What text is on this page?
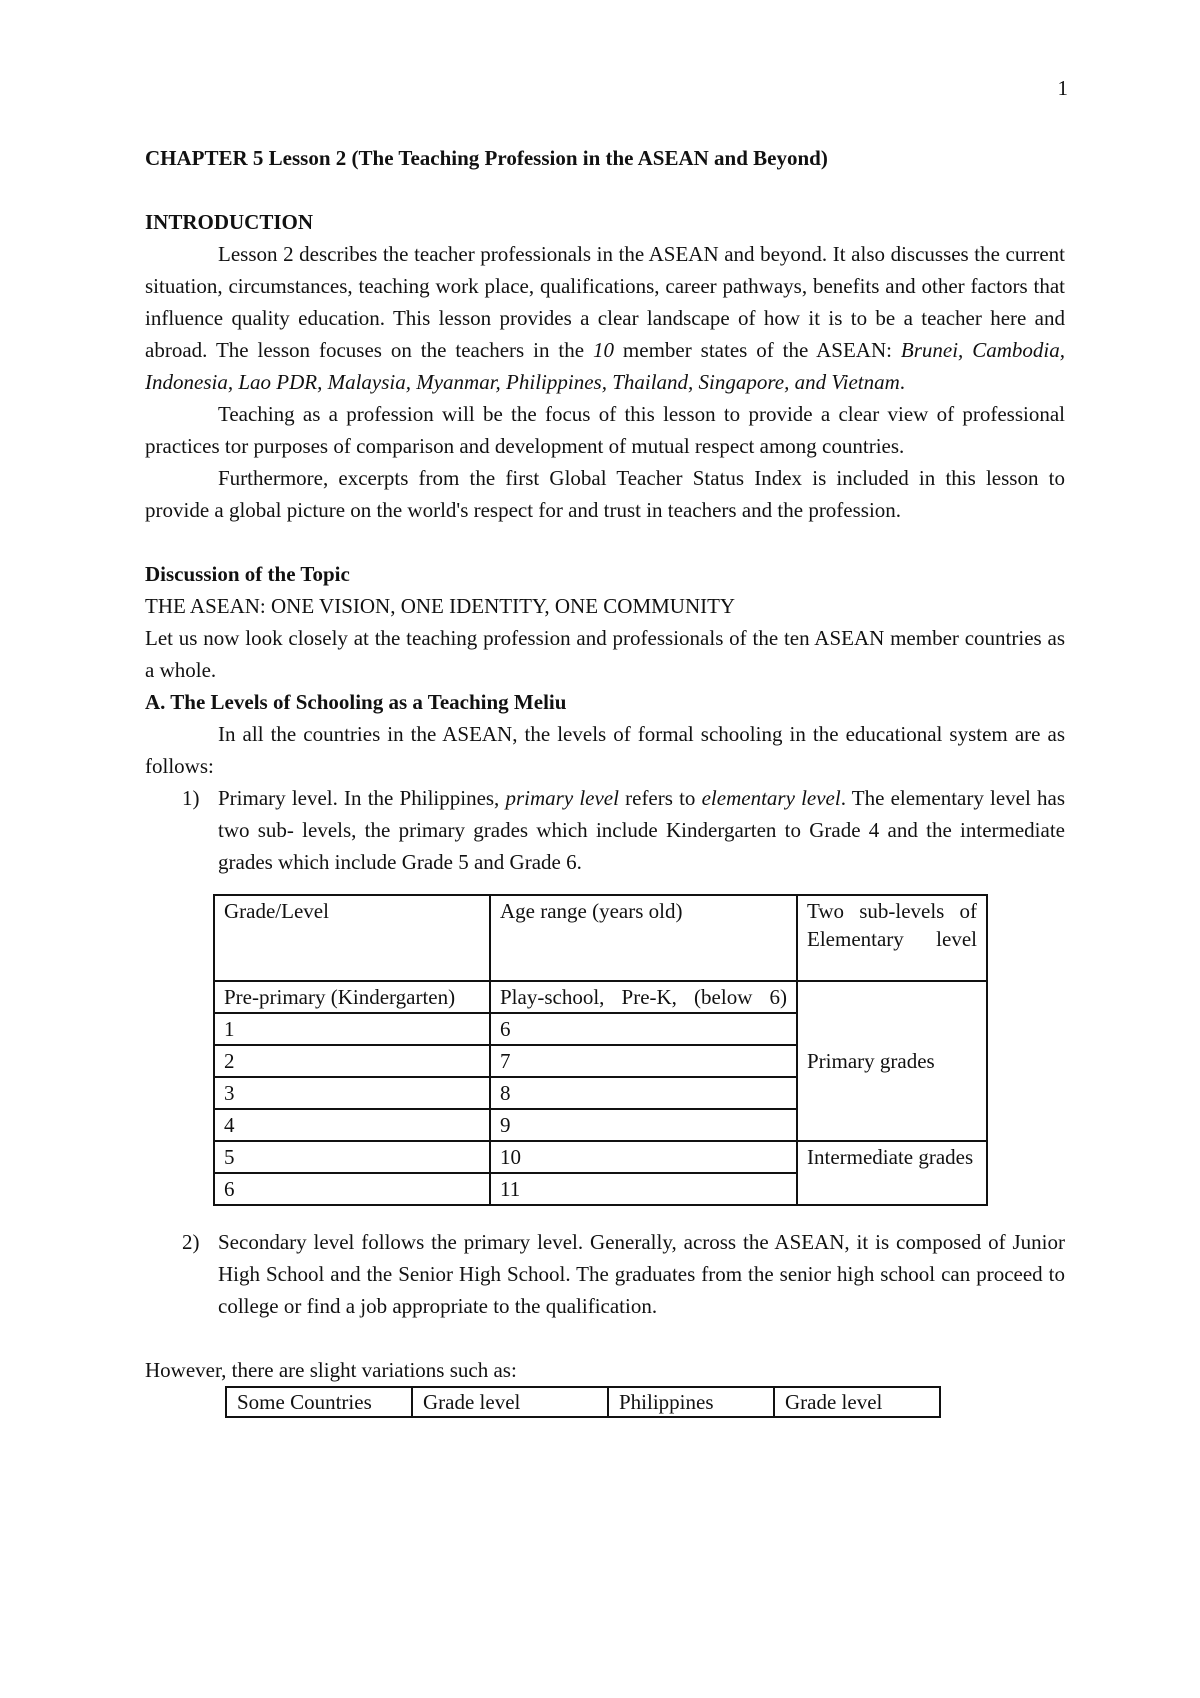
1

CHAPTER 5 Lesson 2 (The Teaching Profession in the ASEAN and Beyond)

INTRODUCTION

Lesson 2 describes the teacher professionals in the ASEAN and beyond. It also discusses the current situation, circumstances, teaching work place, qualifications, career pathways, benefits and other factors that influence quality education. This lesson provides a clear landscape of how it is to be a teacher here and abroad. The lesson focuses on the teachers in the 10 member states of the ASEAN: Brunei, Cambodia, Indonesia, Lao PDR, Malaysia, Myanmar, Philippines, Thailand, Singapore, and Vietnam.

Teaching as a profession will be the focus of this lesson to provide a clear view of professional practices tor purposes of comparison and development of mutual respect among countries.

Furthermore, excerpts from the first Global Teacher Status Index is included in this lesson to provide a global picture on the world's respect for and trust in teachers and the profession.

Discussion of the Topic

THE ASEAN: ONE VISION, ONE IDENTITY, ONE COMMUNITY

Let us now look closely at the teaching profession and professionals of the ten ASEAN member countries as a whole.

A. The Levels of Schooling as a Teaching Meliu

In all the countries in the ASEAN, the levels of formal schooling in the educational system are as follows:

1) Primary level. In the Philippines, primary level refers to elementary level. The elementary level has two sub- levels, the primary grades which include Kindergarten to Grade 4 and the intermediate grades which include Grade 5 and Grade 6.
Grade/Level	Age range (years old)	Two sub-levels of Elementary level
Pre-primary (Kindergarten)	Play-school, Pre-K, (below 6)	Primary grades
1	6	
2	7	
3	8	
4	9	
5	10	Intermediate grades
6	11	
2) Secondary level follows the primary level. Generally, across the ASEAN, it is composed of Junior High School and the Senior High School. The graduates from the senior high school can proceed to college or find a job appropriate to the qualification.

However, there are slight variations such as:

Some Countries	Grade level	Philippines	Grade level
